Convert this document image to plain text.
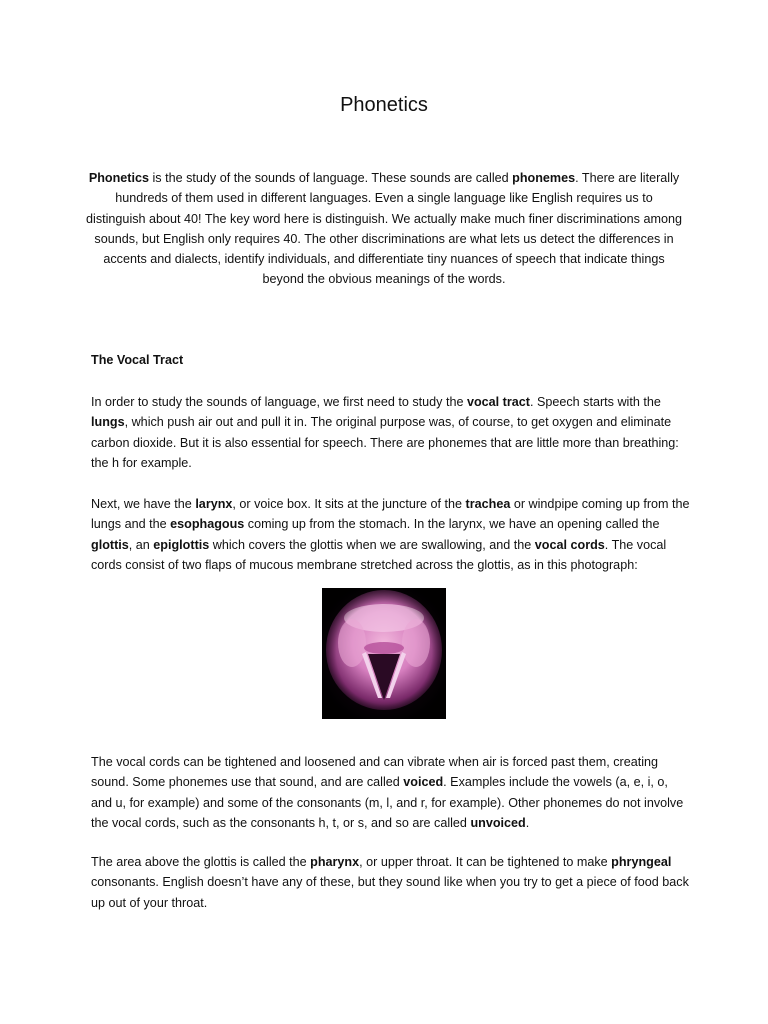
Phonetics

Phonetics is the study of the sounds of language. These sounds are called phonemes. There are literally hundreds of them used in different languages. Even a single language like English requires us to distinguish about 40! The key word here is distinguish. We actually make much finer discriminations among sounds, but English only requires 40. The other discriminations are what lets us detect the differences in accents and dialects, identify individuals, and differentiate tiny nuances of speech that indicate things beyond the obvious meanings of the words.

The Vocal Tract

In order to study the sounds of language, we first need to study the vocal tract. Speech starts with the lungs, which push air out and pull it in. The original purpose was, of course, to get oxygen and eliminate carbon dioxide. But it is also essential for speech. There are phonemes that are little more than breathing: the h for example.

Next, we have the larynx, or voice box. It sits at the juncture of the trachea or windpipe coming up from the lungs and the esophagous coming up from the stomach. In the larynx, we have an opening called the glottis, an epiglottis which covers the glottis when we are swallowing, and the vocal cords. The vocal cords consist of two flaps of mucous membrane stretched across the glottis, as in this photograph:

The vocal cords can be tightened and loosened and can vibrate when air is forced past them, creating sound. Some phonemes use that sound, and are called voiced. Examples include the vowels (a, e, i, o, and u, for example) and some of the consonants (m, l, and r, for example). Other phonemes do not involve the vocal cords, such as the consonants h, t, or s, and so are called unvoiced.

The area above the glottis is called the pharynx, or upper throat. It can be tightened to make phryngeal consonants. English doesn’t have any of these, but they sound like when you try to get a piece of food back up out of your throat.
